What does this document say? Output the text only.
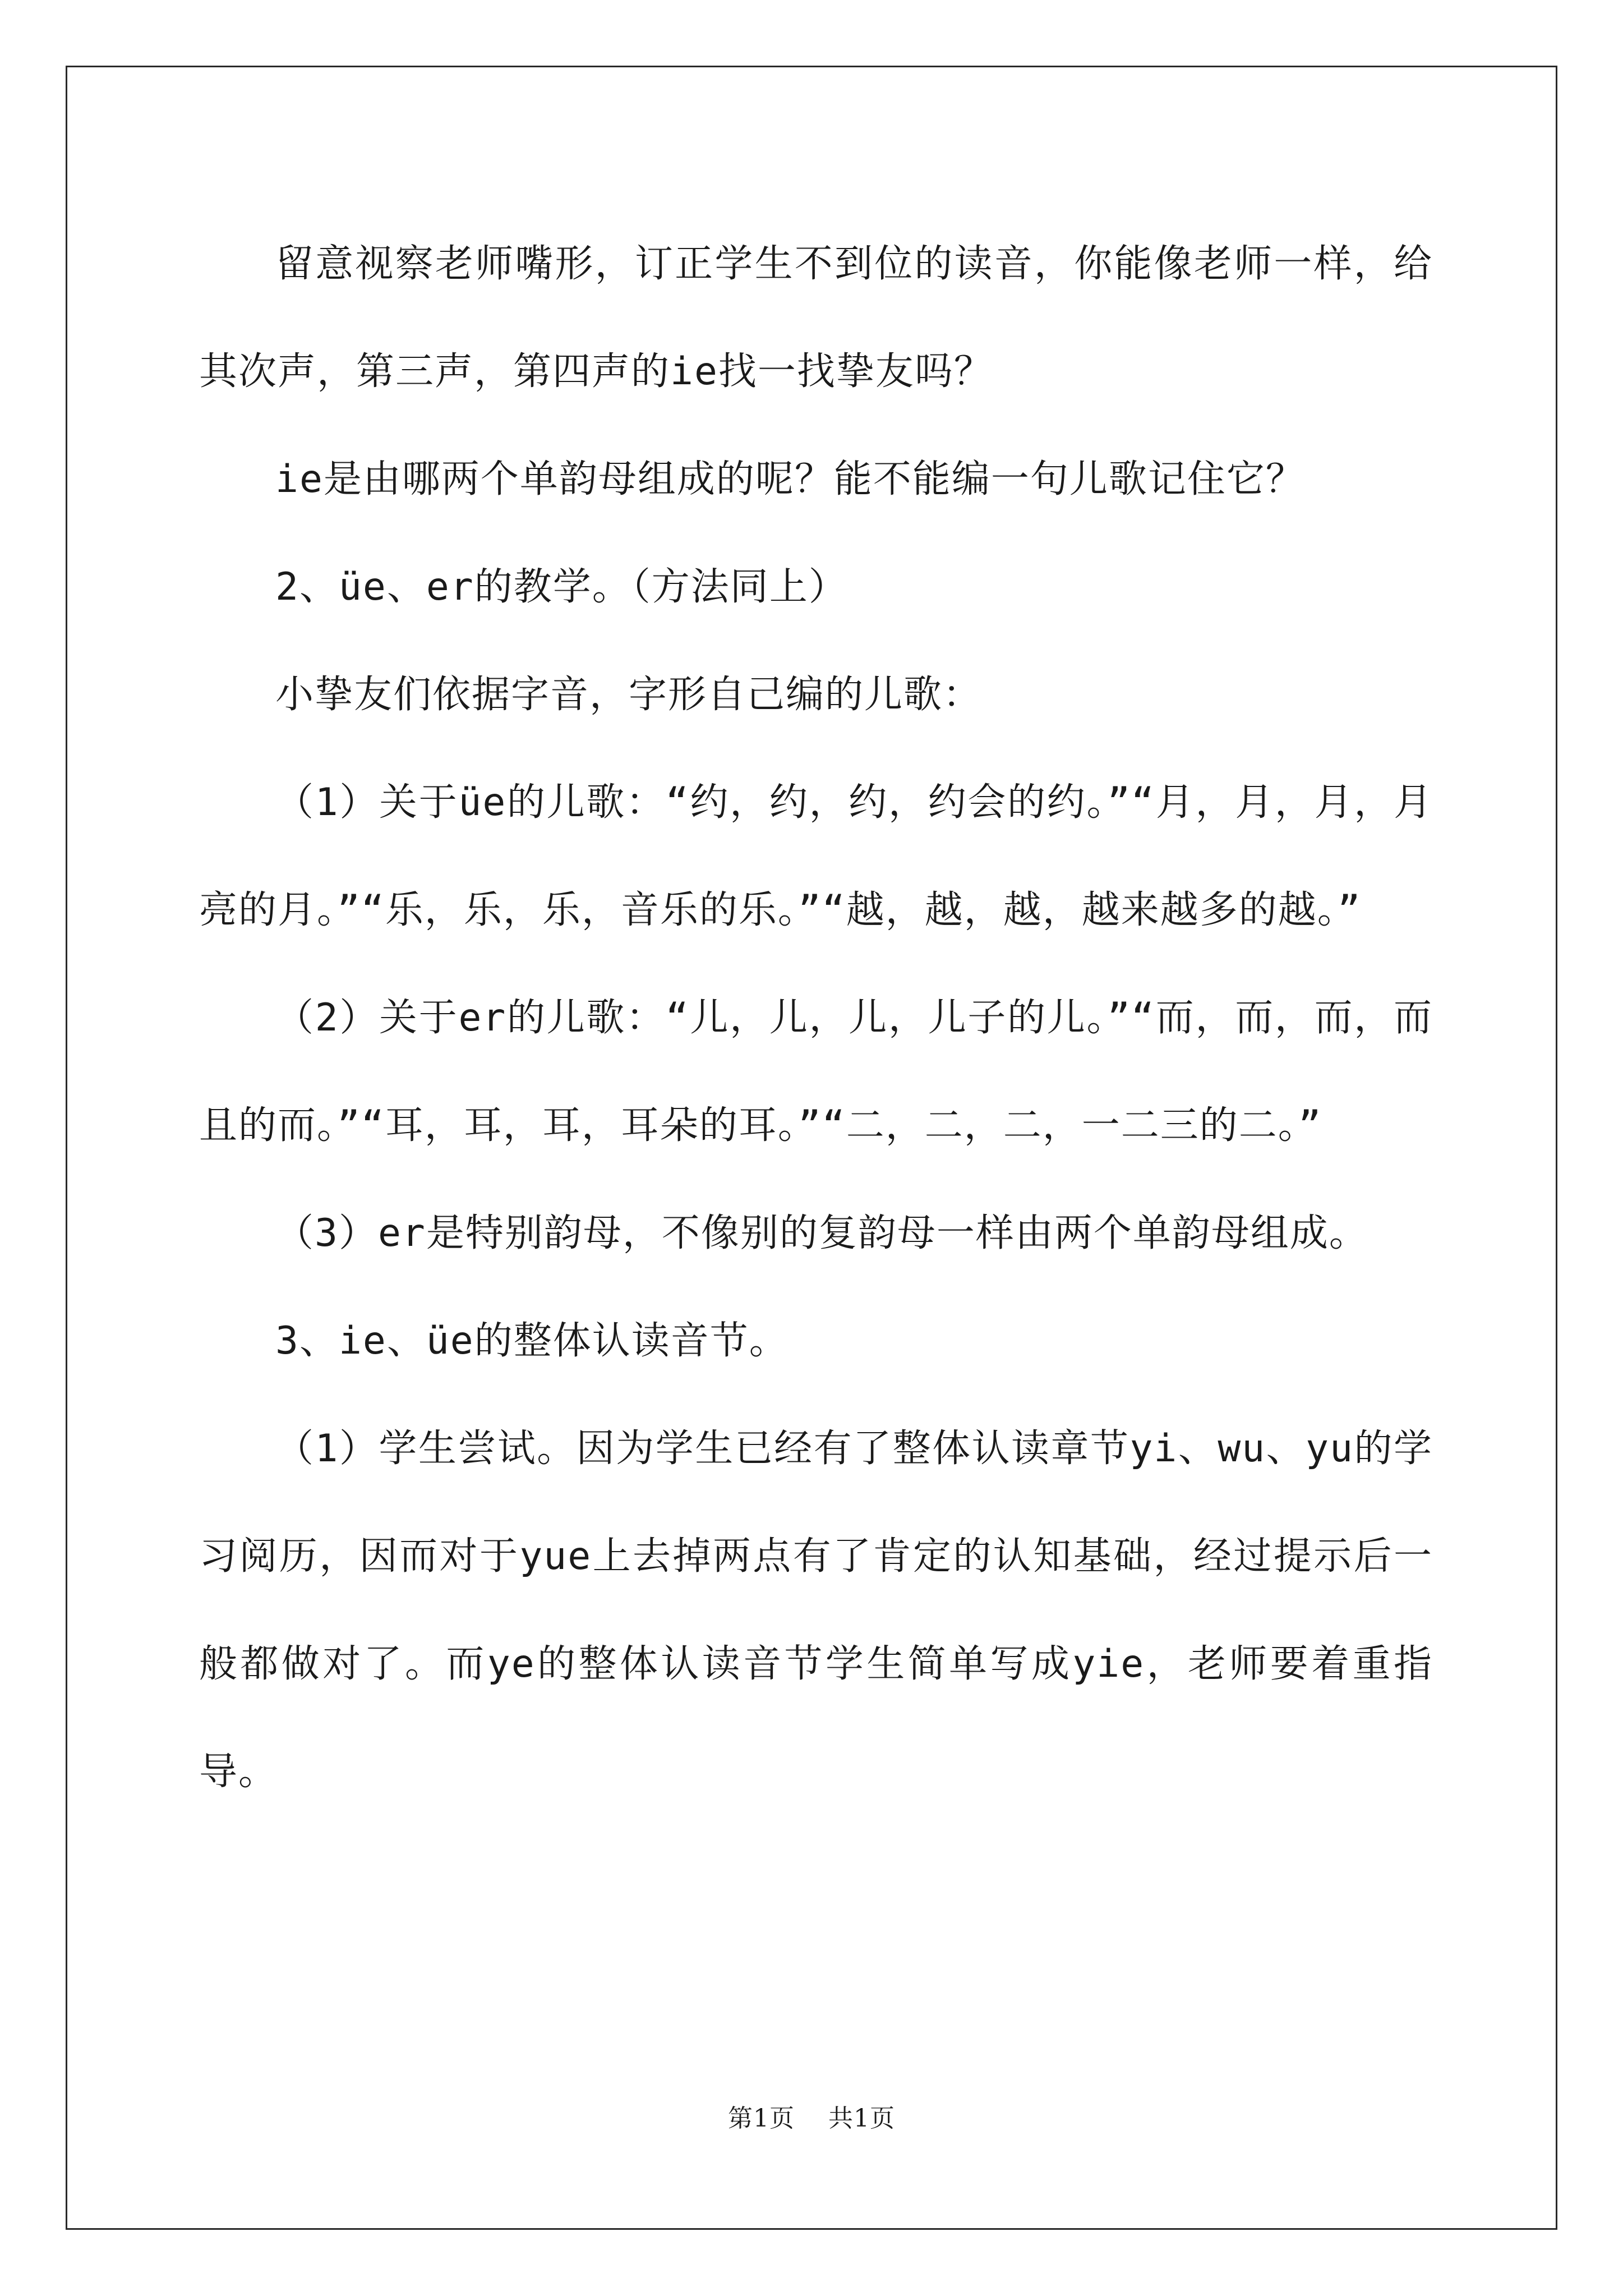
留意视察老师嘴形，订正学生不到位的读音，你能像老师一样，给其次声，第三声，第四声的ie找一找挚友吗？

ie是由哪两个单韵母组成的呢？能不能编一句儿歌记住它？

2、üe、er的教学。（方法同上）

小挚友们依据字音，字形自己编的儿歌：

（1）关于üe的儿歌：“约，约，约，约会的约。”“月，月，月，月亮的月。”“乐，乐，乐，音乐的乐。”“越，越，越，越来越多的越。”

（2）关于er的儿歌：“儿，儿，儿，儿子的儿。”“而，而，而，而且的而。”“耳，耳，耳，耳朵的耳。”“二，二，二，一二三的二。”

（3）er是特别韵母，不像别的复韵母一样由两个单韵母组成。

3、ie、üe的整体认读音节。

（1）学生尝试。因为学生已经有了整体认读章节yi、wu、yu的学习阅历，因而对于yue上去掉两点有了肯定的认知基础，经过提示后一般都做对了。而ye的整体认读音节学生简单写成yie，老师要着重指导。

第1页 共1页
